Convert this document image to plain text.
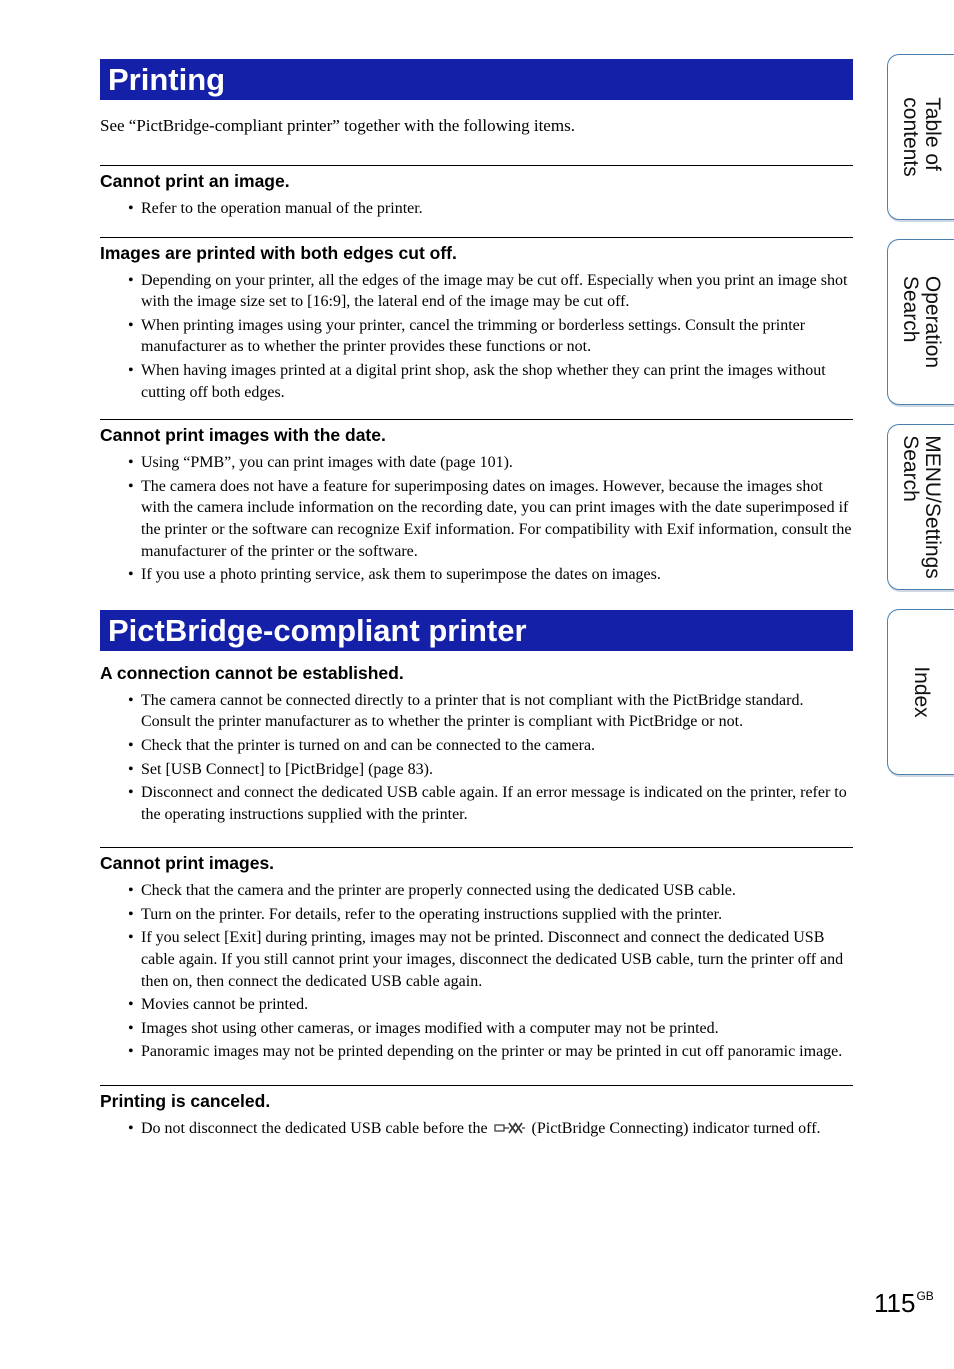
Printing
See “PictBridge-compliant printer” together with the following items.
Cannot print an image.
• Refer to the operation manual of the printer.
Images are printed with both edges cut off.
• Depending on your printer, all the edges of the image may be cut off. Especially when you print an image shot with the image size set to [16:9], the lateral end of the image may be cut off.
• When printing images using your printer, cancel the trimming or borderless settings. Consult the printer manufacturer as to whether the printer provides these functions or not.
• When having images printed at a digital print shop, ask the shop whether they can print the images without cutting off both edges.
Cannot print images with the date.
• Using “PMB”, you can print images with date (page 101).
• The camera does not have a feature for superimposing dates on images. However, because the images shot with the camera include information on the recording date, you can print images with the date superimposed if the printer or the software can recognize Exif information. For compatibility with Exif information, consult the manufacturer of the printer or the software.
• If you use a photo printing service, ask them to superimpose the dates on images.
PictBridge-compliant printer
A connection cannot be established.
• The camera cannot be connected directly to a printer that is not compliant with the PictBridge standard. Consult the printer manufacturer as to whether the printer is compliant with PictBridge or not.
• Check that the printer is turned on and can be connected to the camera.
• Set [USB Connect] to [PictBridge] (page 83).
• Disconnect and connect the dedicated USB cable again. If an error message is indicated on the printer, refer to the operating instructions supplied with the printer.
Cannot print images.
• Check that the camera and the printer are properly connected using the dedicated USB cable.
• Turn on the printer. For details, refer to the operating instructions supplied with the printer.
• If you select [Exit] during printing, images may not be printed. Disconnect and connect the dedicated USB cable again. If you still cannot print your images, disconnect the dedicated USB cable, turn the printer off and then on, then connect the dedicated USB cable again.
• Movies cannot be printed.
• Images shot using other cameras, or images modified with a computer may not be printed.
• Panoramic images may not be printed depending on the printer or may be printed in cut off panoramic image.
Printing is canceled.
• Do not disconnect the dedicated USB cable before the	(PictBridge Connecting) indicator turned off.
Table of
contents
Operation
Search
MENU/Settings
Search
Index
$115^{GB}$
